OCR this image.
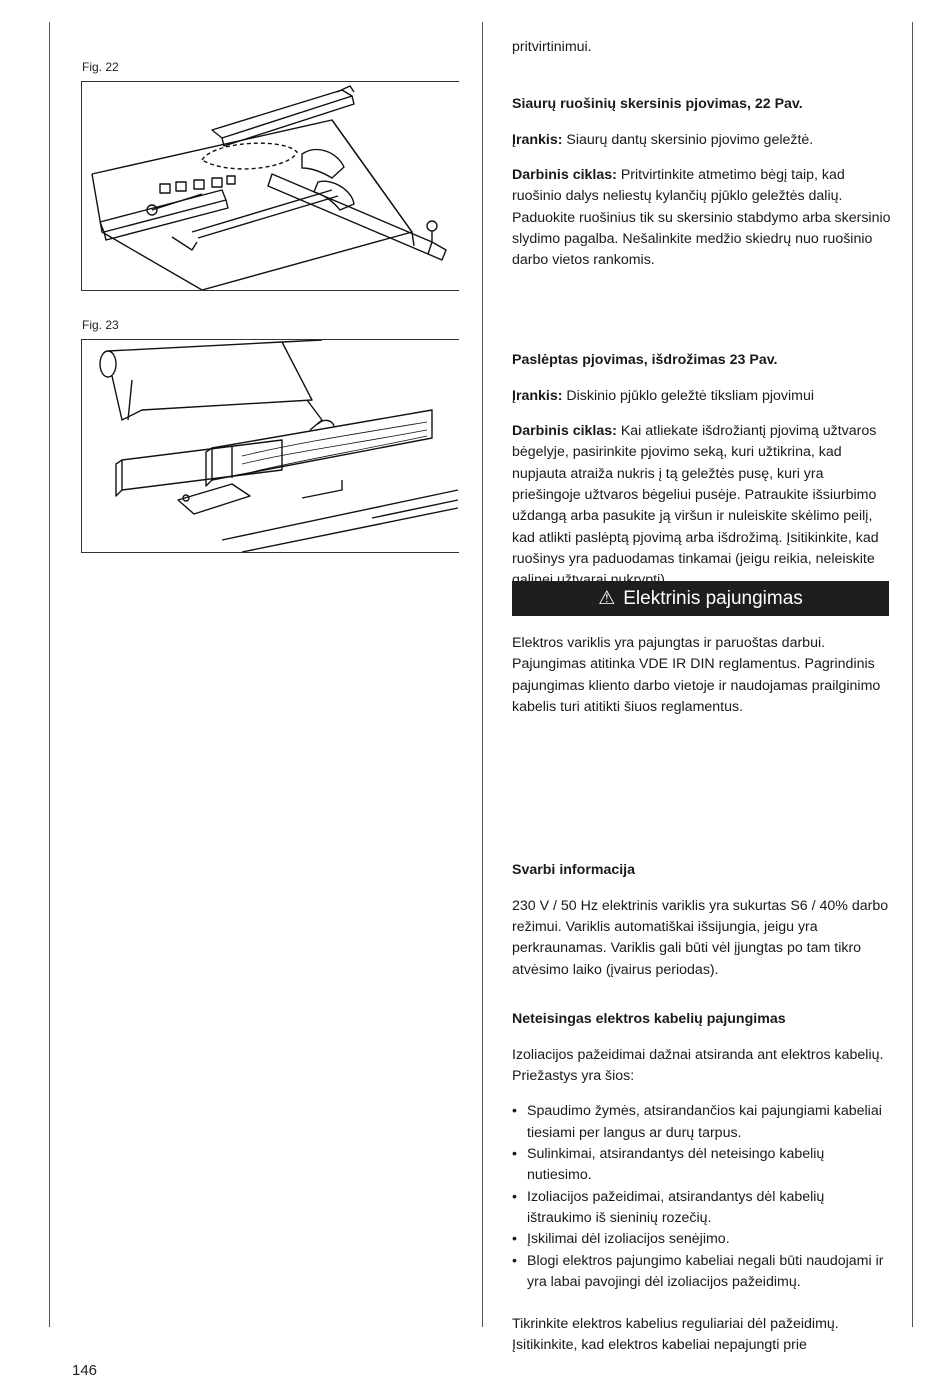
Fig. 22
Fig. 23
pritvirtinimui.

Siaurų ruošinių skersinis pjovimas, 22 Pav.

Įrankis: Siaurų dantų skersinio pjovimo geležtė.

Darbinis ciklas: Pritvirtinkite atmetimo bėgį taip, kad ruošinio dalys neliestų kylančių pjūklo geležtės dalių. Paduokite ruošinius tik su skersinio stabdymo arba skersinio slydimo pagalba. Nešalinkite medžio skiedrų nuo ruošinio darbo vietos rankomis.

Paslėptas pjovimas, išdrožimas 23 Pav.

Įrankis: Diskinio pjūklo geležtė tiksliam pjovimui

Darbinis ciklas: Kai atliekate išdrožiantį pjovimą užtvaros bėgelyje, pasirinkite pjovimo seką, kuri užtikrina, kad nupjauta atraiža nukris į tą geležtės pusę, kuri yra priešingoje užtvaros bėgeliui pusėje. Patraukite išsiurbimo uždangą arba pasukite ją viršun ir nuleiskite skėlimo peilį, kad atlikti paslėptą pjovimą arba išdrožimą. Įsitikinkite, kad ruošinys yra paduodamas tinkamai (jeigu reikia, neleiskite

⚠ Elektrinis pajungimas
Elektros variklis yra pajungtas ir paruoštas darbui. Pajungimas atitinka VDE IR DIN reglamentus. Pagrindinis pajungimas kliento darbo vietoje ir naudojamas prailginimo kabelis turi atitikti šiuos reglamentus.

Svarbi informacija

230 V / 50 Hz elektrinis variklis yra sukurtas S6 / 40% darbo režimui. Variklis automatiškai išsijungia, jeigu yra perkraunamas. Variklis gali būti vėl įjungtas po tam tikro atvėsimo laiko (įvairus periodas).

Neteisingas elektros kabelių pajungimas

Izoliacijos pažeidimai dažnai atsiranda ant elektros kabelių. Priežastys yra šios:

• Spaudimo žymės, atsirandančios kai pajungiami kabeliai tiesiami per langus ar durų tarpus.
• Sulinkimai, atsirandantys dėl neteisingo kabelių nutiesimo.
• Izoliacijos pažeidimai, atsirandantys dėl kabelių ištraukimo iš sieninių rozečių.
• Įskilimai dėl izoliacijos senėjimo.
• Blogi elektros pajungimo kabeliai negali būti naudojami ir yra labai pavojingi dėl izoliacijos pažeidimų.

Tikrinkite elektros kabelius reguliariai dėl pažeidimų. Įsitikinkite, kad elektros kabeliai nepajungti prie

146
